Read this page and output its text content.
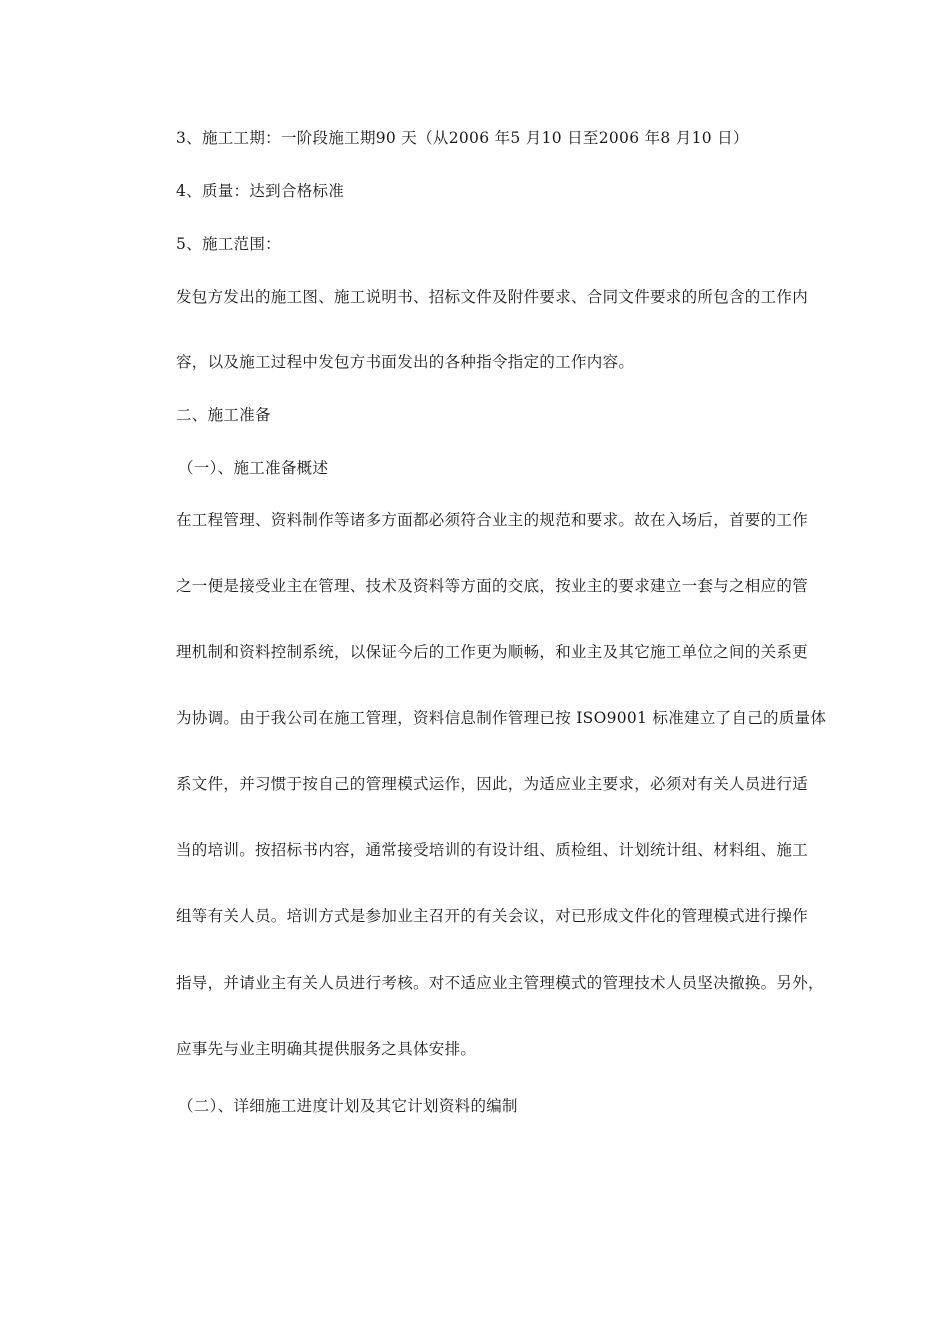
3、施工工期：一阶段施工期90 天（从2006 年5 月10 日至2006 年8 月10 日）
4、质量：达到合格标准
5、施工范围：
发包方发出的施工图、施工说明书、招标文件及附件要求、合同文件要求的所包含的工作内
容，以及施工过程中发包方书面发出的各种指令指定的工作内容。
二、施工准备
（一）、施工准备概述
在工程管理、资料制作等诸多方面都必须符合业主的规范和要求。故在入场后，首要的工作
之一便是接受业主在管理、技术及资料等方面的交底，按业主的要求建立一套与之相应的管
理机制和资料控制系统，以保证今后的工作更为顺畅，和业主及其它施工单位之间的关系更
为协调。由于我公司在施工管理，资料信息制作管理已按 ISO9001 标准建立了自己的质量体
系文件，并习惯于按自己的管理模式运作，因此，为适应业主要求，必须对有关人员进行适
当的培训。按招标书内容，通常接受培训的有设计组、质检组、计划统计组、材料组、施工
组等有关人员。培训方式是参加业主召开的有关会议，对已形成文件化的管理模式进行操作
指导，并请业主有关人员进行考核。对不适应业主管理模式的管理技术人员坚决撤换。另外，
应事先与业主明确其提供服务之具体安排。
（二）、详细施工进度计划及其它计划资料的编制
